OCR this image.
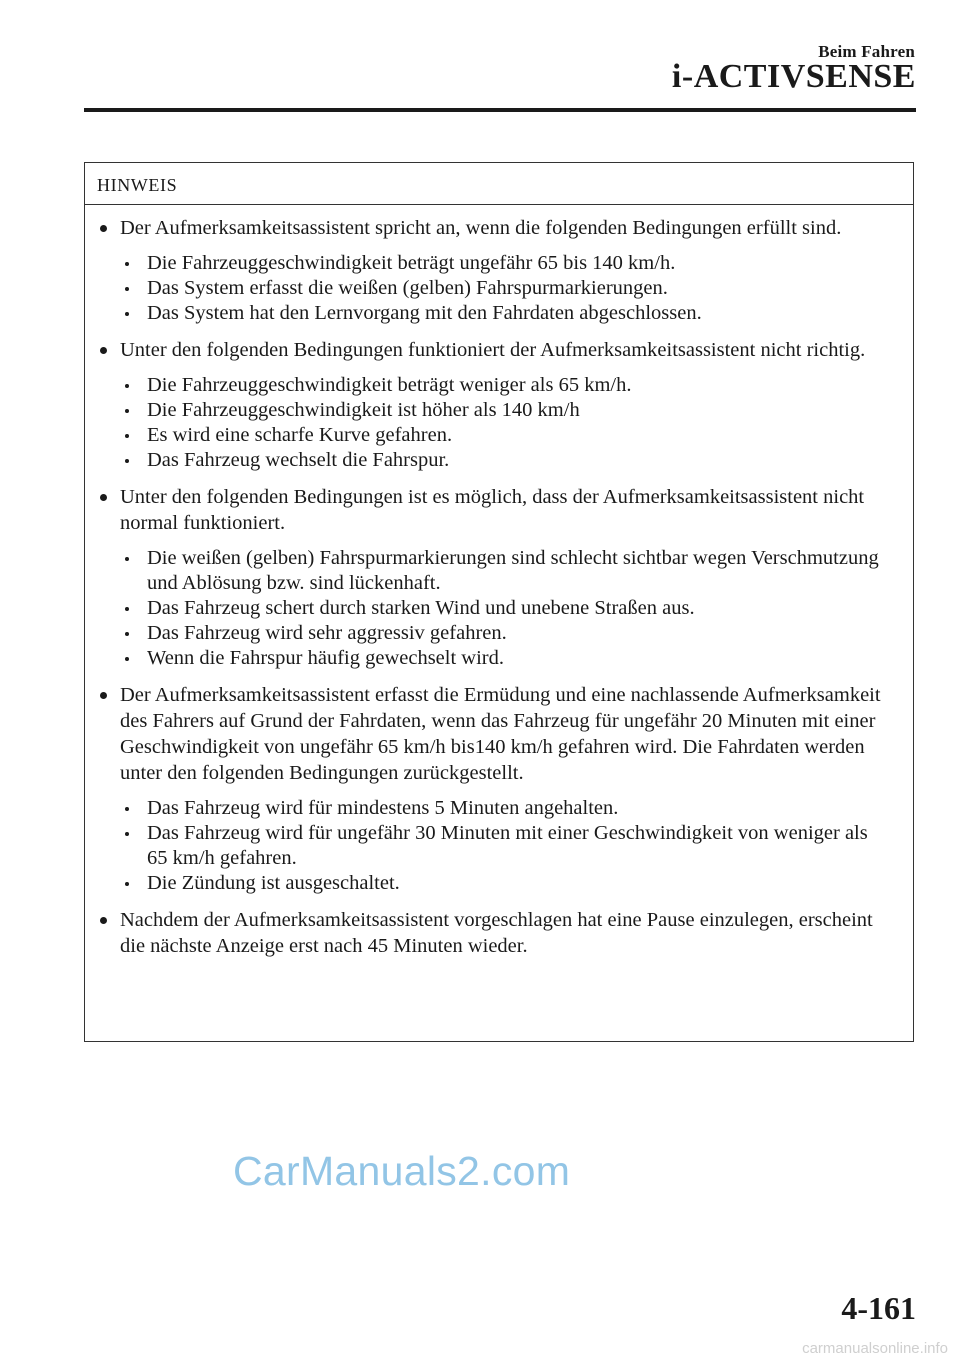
Beim Fahren
i-ACTIVSENSE
HINWEIS
Der Aufmerksamkeitsassistent spricht an, wenn die folgenden Bedingungen erfüllt sind.
Die Fahrzeuggeschwindigkeit beträgt ungefähr 65 bis 140 km/h.
Das System erfasst die weißen (gelben) Fahrspurmarkierungen.
Das System hat den Lernvorgang mit den Fahrdaten abgeschlossen.
Unter den folgenden Bedingungen funktioniert der Aufmerksamkeitsassistent nicht richtig.
Die Fahrzeuggeschwindigkeit beträgt weniger als 65 km/h.
Die Fahrzeuggeschwindigkeit ist höher als 140 km/h
Es wird eine scharfe Kurve gefahren.
Das Fahrzeug wechselt die Fahrspur.
Unter den folgenden Bedingungen ist es möglich, dass der Aufmerksamkeitsassistent nicht normal funktioniert.
Die weißen (gelben) Fahrspurmarkierungen sind schlecht sichtbar wegen Verschmutzung und Ablösung bzw. sind lückenhaft.
Das Fahrzeug schert durch starken Wind und unebene Straßen aus.
Das Fahrzeug wird sehr aggressiv gefahren.
Wenn die Fahrspur häufig gewechselt wird.
Der Aufmerksamkeitsassistent erfasst die Ermüdung und eine nachlassende Aufmerksamkeit des Fahrers auf Grund der Fahrdaten, wenn das Fahrzeug für ungefähr 20 Minuten mit einer Geschwindigkeit von ungefähr 65 km/h bis140 km/h gefahren wird. Die Fahrdaten werden unter den folgenden Bedingungen zurückgestellt.
Das Fahrzeug wird für mindestens 5 Minuten angehalten.
Das Fahrzeug wird für ungefähr 30 Minuten mit einer Geschwindigkeit von weniger als 65 km/h gefahren.
Die Zündung ist ausgeschaltet.
Nachdem der Aufmerksamkeitsassistent vorgeschlagen hat eine Pause einzulegen, erscheint die nächste Anzeige erst nach 45 Minuten wieder.
CarManuals2.com
4-161
carmanualsonline.info
